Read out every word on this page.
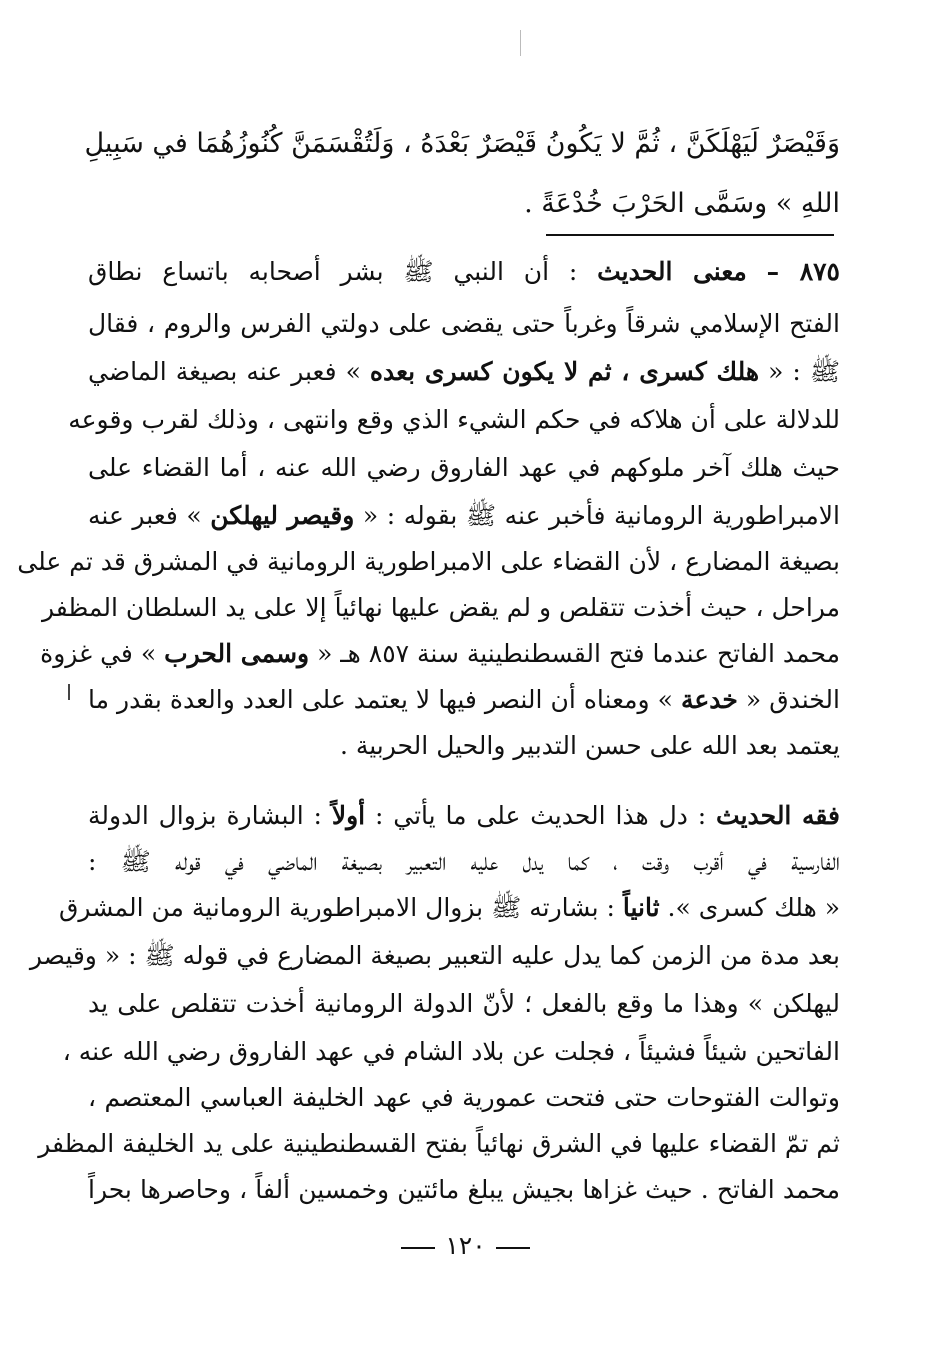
وَقَيْصَرٌ لَيَهْلَكَنَّ ، ثُمَّ لا يَكُونُ قَيْصَرٌ بَعْدَهُ ، وَلَتُقْسَمَنَّ كُنُوزُهُمَا في سَبِيلِ
اللهِ » وسَمَّى الحَرْبَ خُدْعَةً .
٨٧٥ – معنى الحديث : أن النبي ﷺ بشر أصحابه باتساع نطاق
الفتح الإسلامي شرقاً وغرباً حتى يقضى على دولتي الفرس والروم ، فقال
ﷺ : « هلك كسرى ، ثم لا يكون كسرى بعده » فعبر عنه بصيغة الماضي
للدلالة على أن هلاكه في حكم الشيء الذي وقع وانتهى ، وذلك لقرب وقوعه
حيث هلك آخر ملوكهم في عهد الفاروق رضي الله عنه ، أما القضاء على
الامبراطورية الرومانية فأخبر عنه ﷺ بقوله : « وقيصر ليهلكن » فعبر عنه
بصيغة المضارع ، لأن القضاء على الامبراطورية الرومانية في المشرق قد تم على
مراحل ، حيث أخذت تتقلص و لم يقض عليها نهائياً إلا على يد السلطان المظفر
محمد الفاتح عندما فتح القسطنطينية سنة ٨٥٧ هـ « وسمى الحرب » في غزوة
الخندق « خدعة » ومعناه أن النصر فيها لا يعتمد على العدد والعدة بقدر ما
يعتمد بعد الله على حسن التدبير والحيل الحربية .
فقه الحديث : دل هذا الحديث على ما يأتي : أولاً : البشارة بزوال الدولة
الفارسية في أقرب وقت ، كما يدل عليه التعبير بصيغة الماضي في قوله ﷺ :
« هلك كسرى ». ثانياً : بشارته ﷺ بزوال الامبراطورية الرومانية من المشرق
بعد مدة من الزمن كما يدل عليه التعبير بصيغة المضارع في قوله ﷺ : « وقيصر
ليهلكن » وهذا ما وقع بالفعل ؛ لأنّ الدولة الرومانية أخذت تتقلص على يد
الفاتحين شيئاً فشيئاً ، فجلت عن بلاد الشام في عهد الفاروق رضي الله عنه ،
وتوالت الفتوحات حتى فتحت عمورية في عهد الخليفة العباسي المعتصم ،
ثم تمّ القضاء عليها في الشرق نهائياً بفتح القسطنطينية على يد الخليفة المظفر
محمد الفاتح . حيث غزاها بجيش يبلغ مائتين وخمسين ألفاً ، وحاصرها بحراً
١٢٠
